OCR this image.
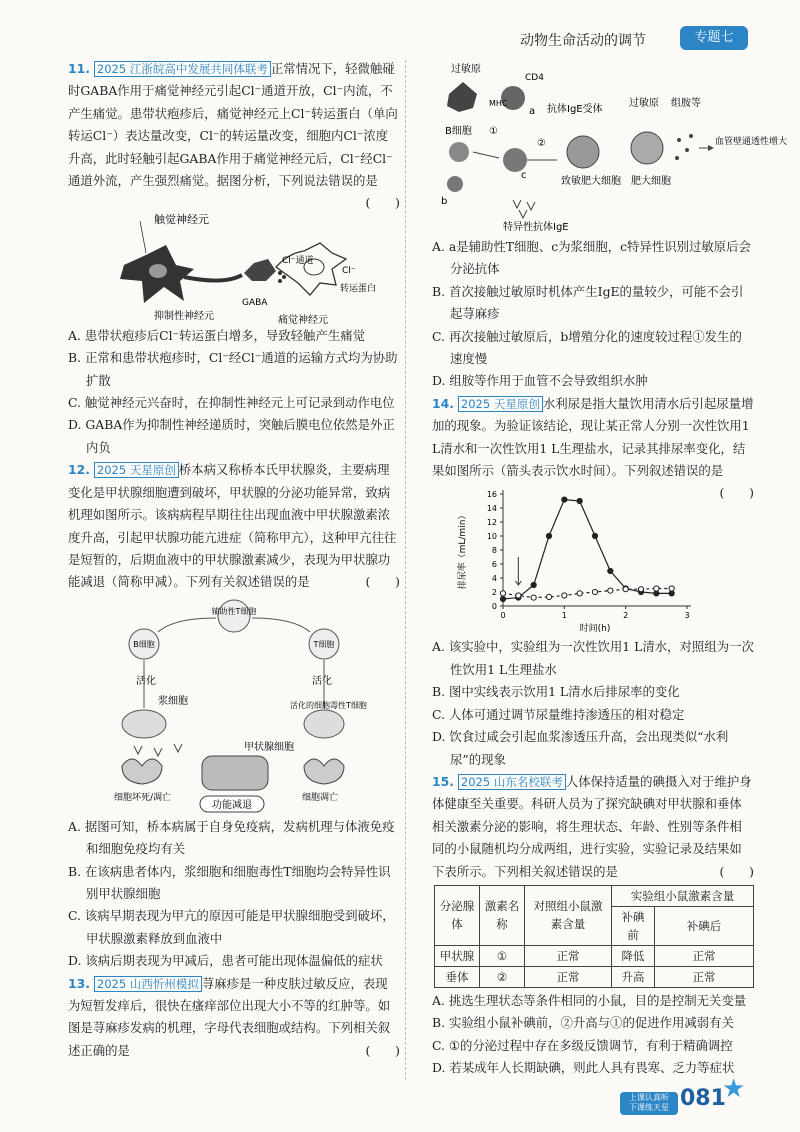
动物生命活动的调节	专题七

11. 2025 江浙皖高中发展共同体联考 正常情况下，轻微触碰时GABA作用于痛觉神经元引起Cl⁻通道开放，Cl⁻内流，不产生痛觉。患带状疱疹后，痛觉神经元上Cl⁻转运蛋白（单向转运Cl⁻）表达量改变，Cl⁻的转运量改变，细胞内Cl⁻浓度升高，此时轻触引起GABA作用于痛觉神经元后，Cl⁻经Cl⁻通道外流，产生强烈痛觉。据图分析，下列说法错误的是
(　　)

触觉神经元
Cl⁻通道
Cl⁻
转运蛋白
GABA
抑制性神经元	痛觉神经元

A. 患带状疱疹后Cl⁻转运蛋白增多，导致轻触产生痛觉

B. 正常和患带状疱疹时，Cl⁻经Cl⁻通道的运输方式均为协助扩散

C. 触觉神经元兴奋时，在抑制性神经元上可记录到动作电位

D. GABA作为抑制性神经递质时，突触后膜电位依然是外正内负

12. 2025 天星原创 桥本病又称桥本氏甲状腺炎，主要病理变化是甲状腺细胞遭到破坏，甲状腺的分泌功能异常，致病机理如图所示。该病病程早期往往出现血液中甲状腺激素浓度升高，引起甲状腺功能亢进症（简称甲亢），这种甲亢往往是短暂的，后期血液中的甲状腺激素减少，表现为甲状腺功能减退（简称甲减）。下列有关叙述错误的是	(　　)

辅助性T细胞
B细胞	T细胞
活化	活化
浆细胞	活化的细胞毒性T细胞
甲状腺细胞
细胞坏死/凋亡	细胞凋亡
功能减退

A. 据图可知，桥本病属于自身免疫病，发病机理与体液免疫和细胞免疫均有关

B. 在该病患者体内，浆细胞和细胞毒性T细胞均会特异性识别甲状腺细胞

C. 该病早期表现为甲亢的原因可能是甲状腺细胞受到破坏，甲状腺激素释放到血液中

D. 该病后期表现为甲减后，患者可能出现体温偏低的症状

13. 2025 山西忻州模拟 荨麻疹是一种皮肤过敏反应，表现为短暂发痒后，很快在瘙痒部位出现大小不等的红肿等。如图是荨麻疹发病的机理，字母代表细胞或结构。下列相关叙述正确的是	(　　)

过敏原
CD4
MHC
a
B细胞 ①
c
b
②
抗体IgE受体
致敏肥大细胞
过敏原
肥大细胞
组胺等
血管壁通透性增大
特异性抗体IgE

A. a是辅助性T细胞、c为浆细胞，c特异性识别过敏原后会分泌抗体

B. 首次接触过敏原时机体产生IgE的量较少，可能不会引起荨麻疹

C. 再次接触过敏原后，b增殖分化的速度较过程①发生的速度慢

D. 组胺等作用于血管不会导致组织水肿

14. 2025 天星原创 水利尿是指大量饮用清水后引起尿量增加的现象。为验证该结论，现让某正常人分别一次性饮用1 L清水和一次性饮用1 L生理盐水，记录其排尿率变化，结果如图所示（箭头表示饮水时间）。下列叙述错误的是
(　　)

0
2
4
6
8
10
12
14
16
0	1	2	3
时间(h)
排尿率（mL/min）

A. 该实验中，实验组为一次性饮用1 L清水，对照组为一次性饮用1 L生理盐水

B. 图中实线表示饮用1 L清水后排尿率的变化

C. 人体可通过调节尿量维持渗透压的相对稳定

D. 饮食过咸会引起血浆渗透压升高，会出现类似“水利尿”的现象

15. 2025 山东名校联考 人体保持适量的碘摄入对于维护身体健康至关重要。科研人员为了探究缺碘对甲状腺和垂体相关激素分泌的影响，将生理状态、年龄、性别等条件相同的小鼠随机均分成两组，进行实验，实验记录及结果如下表所示。下列相关叙述错误的是	(　　)

分泌腺体	激素名称	对照组小鼠激素含量	实验组小鼠激素含量	
			补碘前	补碘后
甲状腺	①	正常	降低	正常
垂体	②	正常	升高	正常

A. 挑选生理状态等条件相同的小鼠，目的是控制无关变量

B. 实验组小鼠补碘前，②升高与①的促进作用减弱有关

C. ①的分泌过程中存在多级反馈调节，有利于精确调控

D. 若某成年人长期缺碘，则此人具有畏寒、乏力等症状

上课认真听
下课练天星 081
★
